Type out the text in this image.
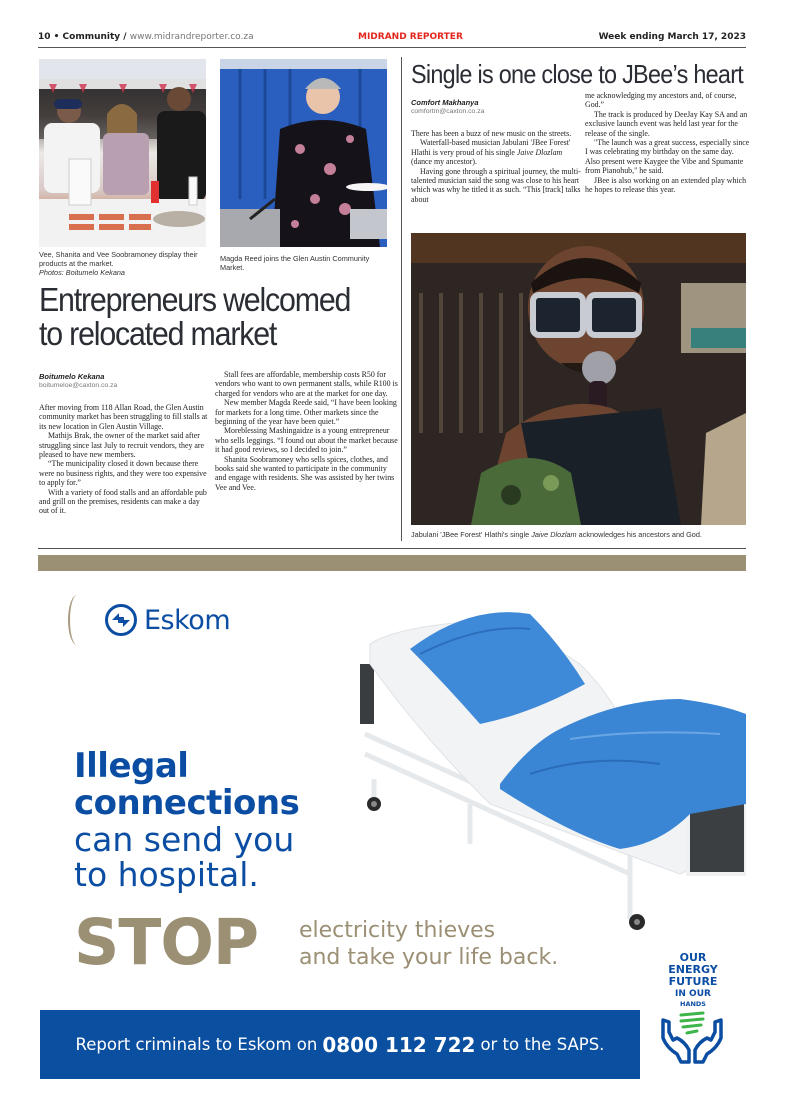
10 • Community / www.midrandreporter.co.za	MIDRAND REPORTER	Week ending March 17, 2023
Vee, Shanita and Vee Soobramoney display their products at the market.
Photos: Boitumelo Kekana
Magda Reed joins the Glen Austin Community Market.
Entrepreneurs welcomed to relocated market
Boitumelo Kekana
boitumeloe@caxton.co.za

After moving from 118 Allan Road, the Glen Austin community market has been struggling to fill stalls at its new location in Glen Austin Village.

Mathijs Brak, the owner of the market said after struggling since last July to recruit vendors, they are pleased to have new members.

“The municipality closed it down because there were no business rights, and they were too expensive to apply for.”

With a variety of food stalls and an affordable pub and grill on the premises, residents can make a day out of it.

Stall fees are affordable, membership costs R50 for vendors who want to own permanent stalls, while R100 is charged for vendors who are at the market for one day.

New member Magda Reede said, “I have been looking for markets for a long time. Other markets since the beginning of the year have been quiet.”

Moreblessing Mashingaidze is a young entrepreneur who sells leggings. “I found out about the market because it had good reviews, so I decided to join.”

Shanita Soobramoney who sells spices, clothes, and books said she wanted to participate in the community and engage with residents. She was assisted by her twins Vee and Vee.

Single is one close to JBee’s heart
Comfort Makhanya
comfortm@caxton.co.za

There has been a buzz of new music on the streets.

Waterfall-based musician Jabulani 'JBee Forest' Hlathi is very proud of his single Jaive Dlozlam (dance my ancestor).

Having gone through a spiritual journey, the multi-talented musician said the song was close to his heart which was why he titled it as such. “This [track] talks about

me acknowledging my ancestors and, of course, God.”

The track is produced by DeeJay Kay SA and an exclusive launch event was held last year for the release of the single.

"The launch was a great success, especially since I was celebrating my birthday on the same day. Also present were Kaygee the Vibe and Spumante from Pianohub," he said.

JBee is also working on an extended play which he hopes to release this year.

Jabulani 'JBee Forest' Hlathi's single Jaive Dlozlam acknowledges his ancestors and God.
Eskom
Illegal
connections
can send you
to hospital.
STOP electricity thieves
and take your life back.
Report criminals to Eskom on 0800 112 722 or to the SAPS.
OUR
ENERGY
FUTURE
IN OUR
HANDS
